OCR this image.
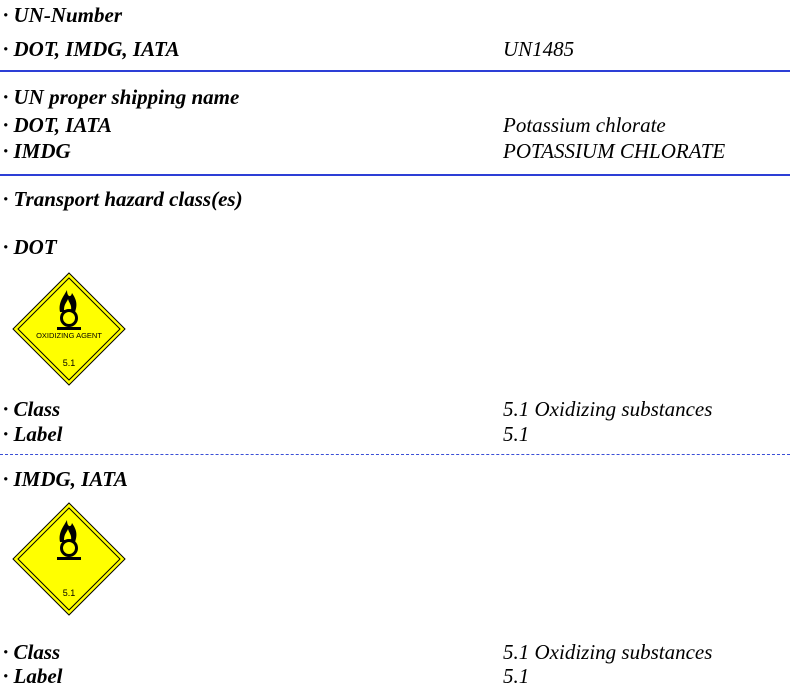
· UN-Number
· DOT, IMDG, IATA	UN1485
· UN proper shipping name
· DOT, IATA	Potassium chlorate
· IMDG	POTASSIUM CHLORATE
· Transport hazard class(es)
· DOT
OXIDIZING AGENT
5.1
· Class	5.1 Oxidizing substances
· Label	5.1
· IMDG, IATA
5.1
· Class	5.1 Oxidizing substances
· Label	5.1
